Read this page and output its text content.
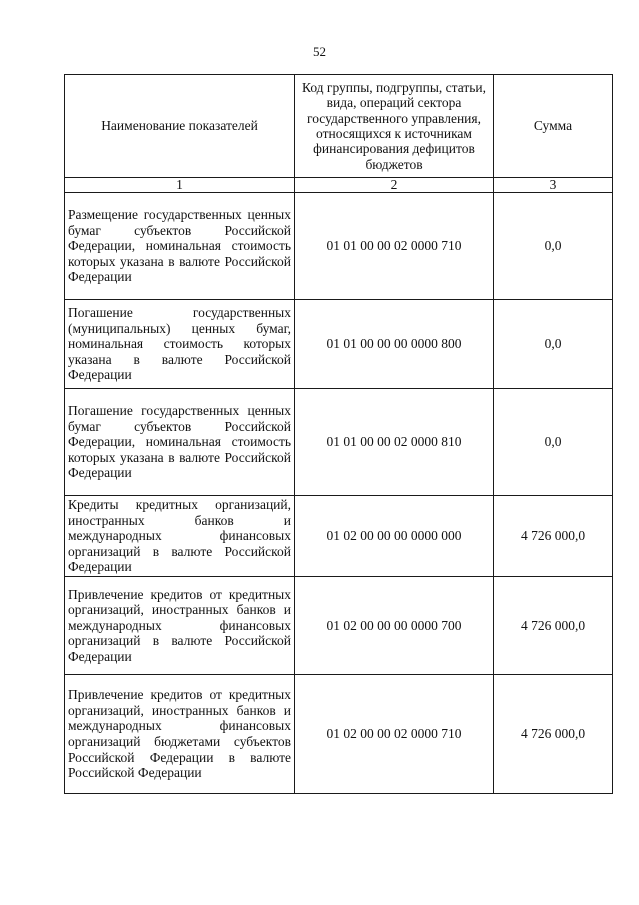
52
Наименование показателей	Код группы, подгруппы, статьи, вида, операций сектора государственного управления, относящихся к источникам финансирования дефицитов бюджетов	Сумма
1	2	3
Размещение государственных ценных бумаг субъектов Российской Федерации, номинальная стоимость которых указана в валюте Российской Федерации	01 01 00 00 02 0000 710	0,0
Погашение государственных (муниципальных) ценных бумаг, номинальная стоимость которых указана в валюте Российской Федерации	01 01 00 00 00 0000 800	0,0
Погашение государственных ценных бумаг субъектов Российской Федерации, номинальная стоимость которых указана в валюте Российской Федерации	01 01 00 00 02 0000 810	0,0
Кредиты кредитных организаций, иностранных банков и международных финансовых организаций в валюте Российской Федерации	01 02 00 00 00 0000 000	4 726 000,0
Привлечение кредитов от кредитных организаций, иностранных банков и международных финансовых организаций в валюте Российской Федерации	01 02 00 00 00 0000 700	4 726 000,0
Привлечение кредитов от кредитных организаций, иностранных банков и международных финансовых организаций бюджетами субъектов Российской Федерации в валюте Российской Федерации	01 02 00 00 02 0000 710	4 726 000,0
